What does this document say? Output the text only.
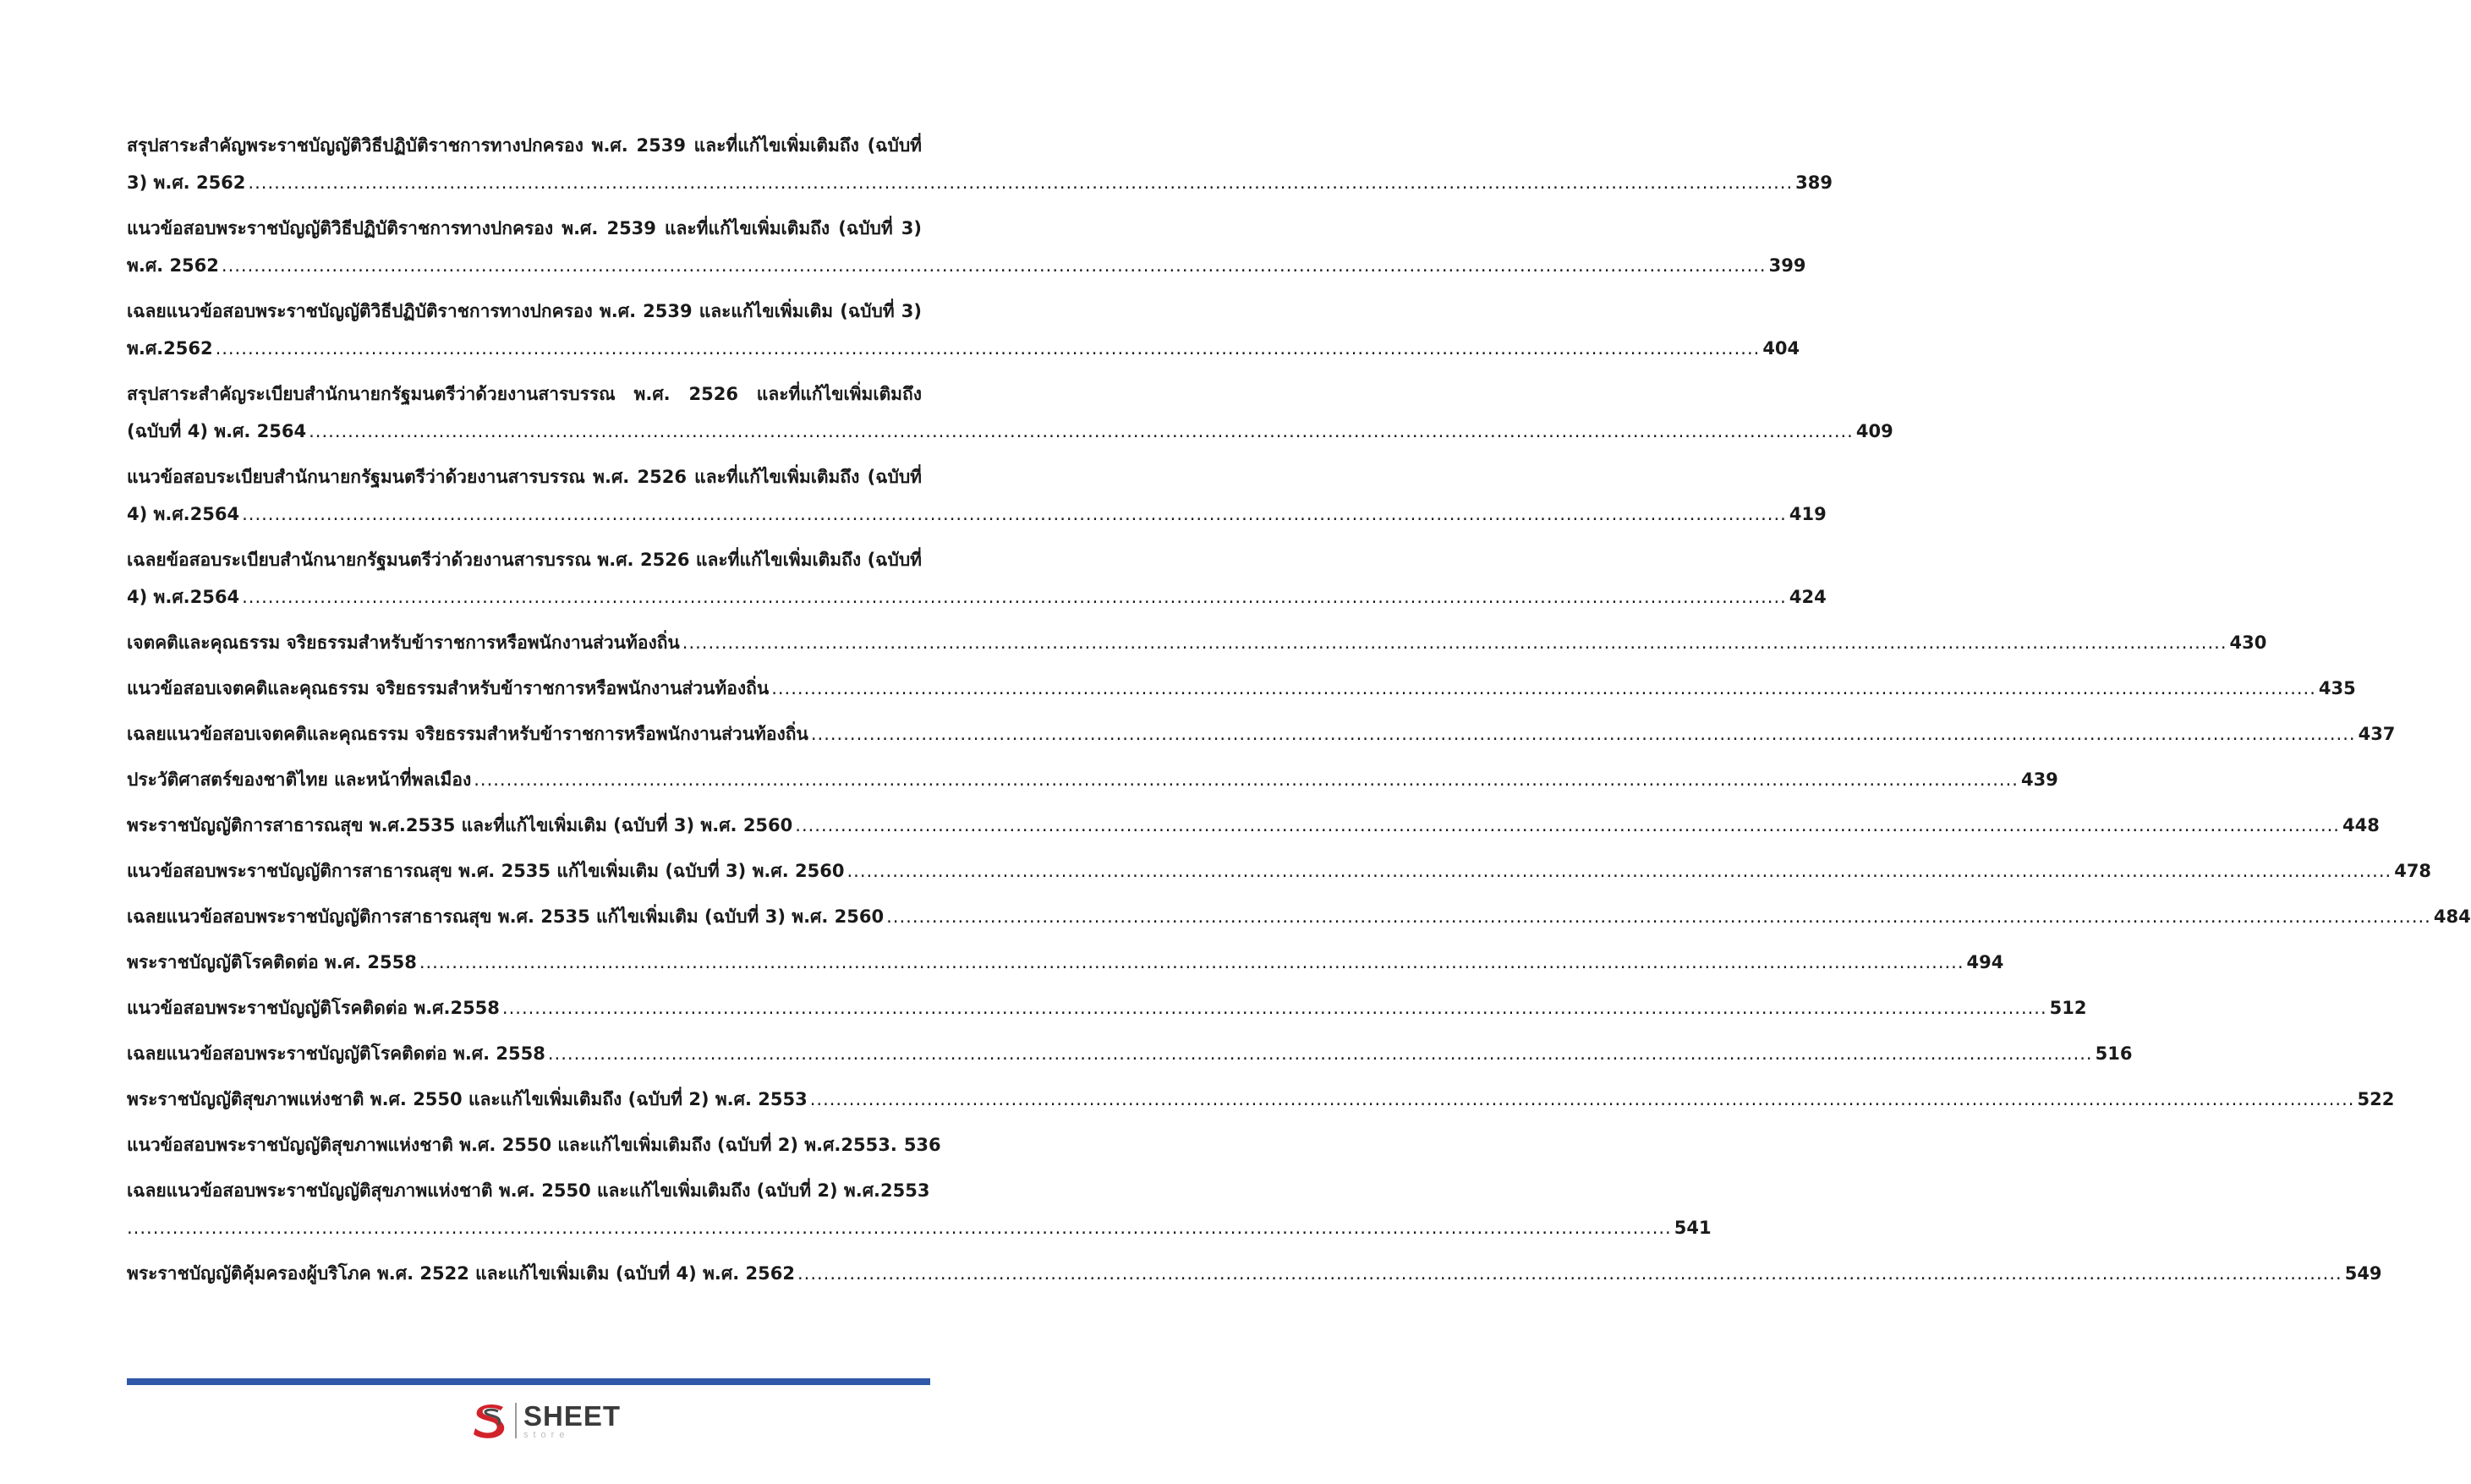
สรุปสาระสำคัญพระราชบัญญัติวิธีปฏิบัติราชการทางปกครอง พ.ศ. 2539 และที่แก้ไขเพิ่มเติมถึง (ฉบับที่
3) พ.ศ. 2562 .....	389
แนวข้อสอบพระราชบัญญัติวิธีปฏิบัติราชการทางปกครอง พ.ศ. 2539 และที่แก้ไขเพิ่มเติมถึง (ฉบับที่ 3)
พ.ศ. 2562 .....	399
เฉลยแนวข้อสอบพระราชบัญญัติวิธีปฏิบัติราชการทางปกครอง พ.ศ. 2539 และแก้ไขเพิ่มเติม (ฉบับที่ 3)
พ.ศ.2562 .....	404
สรุปสาระสำคัญระเบียบสำนักนายกรัฐมนตรีว่าด้วยงานสารบรรณ พ.ศ. 2526 และที่แก้ไขเพิ่มเติมถึง
(ฉบับที่ 4) พ.ศ. 2564 .....	409
แนวข้อสอบระเบียบสำนักนายกรัฐมนตรีว่าด้วยงานสารบรรณ พ.ศ. 2526 และที่แก้ไขเพิ่มเติมถึง (ฉบับที่
4) พ.ศ.2564 .....	419
เฉลยข้อสอบระเบียบสำนักนายกรัฐมนตรีว่าด้วยงานสารบรรณ พ.ศ. 2526 และที่แก้ไขเพิ่มเติมถึง (ฉบับที่
4) พ.ศ.2564 .....	424
เจตคติและคุณธรรม จริยธรรมสำหรับข้าราชการหรือพนักงานส่วนท้องถิ่น .....	430
แนวข้อสอบเจตคติและคุณธรรม จริยธรรมสำหรับข้าราชการหรือพนักงานส่วนท้องถิ่น .....	435
เฉลยแนวข้อสอบเจตคติและคุณธรรม จริยธรรมสำหรับข้าราชการหรือพนักงานส่วนท้องถิ่น .....	437
ประวัติศาสตร์ของชาติไทย และหน้าที่พลเมือง .....	439
พระราชบัญญัติการสาธารณสุข พ.ศ.2535 และที่แก้ไขเพิ่มเติม (ฉบับที่ 3) พ.ศ. 2560 .....	448
แนวข้อสอบพระราชบัญญัติการสาธารณสุข พ.ศ. 2535 แก้ไขเพิ่มเติม (ฉบับที่ 3) พ.ศ. 2560 .....	478
เฉลยแนวข้อสอบพระราชบัญญัติการสาธารณสุข พ.ศ. 2535 แก้ไขเพิ่มเติม (ฉบับที่ 3) พ.ศ. 2560 .....	484
พระราชบัญญัติโรคติดต่อ พ.ศ. 2558 .....	494
แนวข้อสอบพระราชบัญญัติโรคติดต่อ พ.ศ.2558 .....	512
เฉลยแนวข้อสอบพระราชบัญญัติโรคติดต่อ พ.ศ. 2558 .....	516
พระราชบัญญัติสุขภาพแห่งชาติ พ.ศ. 2550 และแก้ไขเพิ่มเติมถึง (ฉบับที่ 2) พ.ศ. 2553 .....	522
แนวข้อสอบพระราชบัญญัติสุขภาพแห่งชาติ พ.ศ. 2550 และแก้ไขเพิ่มเติมถึง (ฉบับที่ 2) พ.ศ.2553. 536
เฉลยแนวข้อสอบพระราชบัญญัติสุขภาพแห่งชาติ พ.ศ. 2550 และแก้ไขเพิ่มเติมถึง (ฉบับที่ 2) พ.ศ.2553
.....
541
พระราชบัญญัติคุ้มครองผู้บริโภค พ.ศ. 2522 และแก้ไขเพิ่มเติม (ฉบับที่ 4) พ.ศ. 2562 .....	549
SHEET
store
